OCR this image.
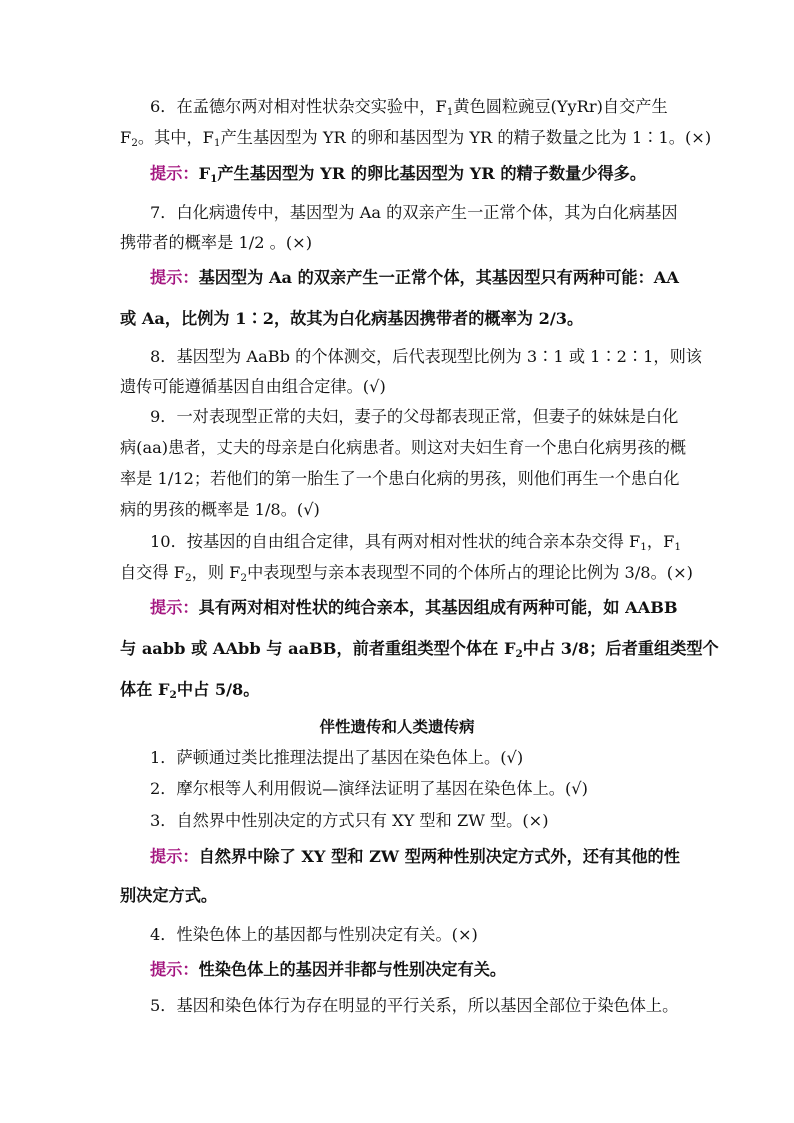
6．在孟德尔两对相对性状杂交实验中，$F_1$黄色圆粒豌豆(YyRr)自交产生
$F_2$。其中，$F_1$产生基因型为 YR 的卵和基因型为 YR 的精子数量之比为 1∶1。(×)
提示：$F_1$产生基因型为 YR 的卵比基因型为 YR 的精子数量少得多。
7．白化病遗传中，基因型为 Aa 的双亲产生一正常个体，其为白化病基因
携带者的概率是 1/2 。(×)
提示：基因型为 Aa 的双亲产生一正常个体，其基因型只有两种可能：AA
或 Aa，比例为 1∶2，故其为白化病基因携带者的概率为 2/3。
8．基因型为 AaBb 的个体测交，后代表现型比例为 3∶1 或 1∶2∶1，则该
遗传可能遵循基因自由组合定律。(√)
9．一对表现型正常的夫妇，妻子的父母都表现正常，但妻子的妹妹是白化
病(aa)患者，丈夫的母亲是白化病患者。则这对夫妇生育一个患白化病男孩的概
率是 1/12；若他们的第一胎生了一个患白化病的男孩，则他们再生一个患白化
病的男孩的概率是 1/8。(√)
10．按基因的自由组合定律，具有两对相对性状的纯合亲本杂交得 $F_1$，$F_1$
自交得 $F_2$，则 $F_2$中表现型与亲本表现型不同的个体所占的理论比例为 3/8。(×)
提示：具有两对相对性状的纯合亲本，其基因组成有两种可能，如 AABB
与 aabb 或 AAbb 与 aaBB，前者重组类型个体在 $F_2$中占 3/8；后者重组类型个
体在 $F_2$中占 5/8。
伴性遗传和人类遗传病
1．萨顿通过类比推理法提出了基因在染色体上。(√)
2．摩尔根等人利用假说—演绎法证明了基因在染色体上。(√)
3．自然界中性别决定的方式只有 XY 型和 ZW 型。(×)
提示：自然界中除了 XY 型和 ZW 型两种性别决定方式外，还有其他的性
别决定方式。
4．性染色体上的基因都与性别决定有关。(×)
提示：性染色体上的基因并非都与性别决定有关。
5．基因和染色体行为存在明显的平行关系，所以基因全部位于染色体上。
